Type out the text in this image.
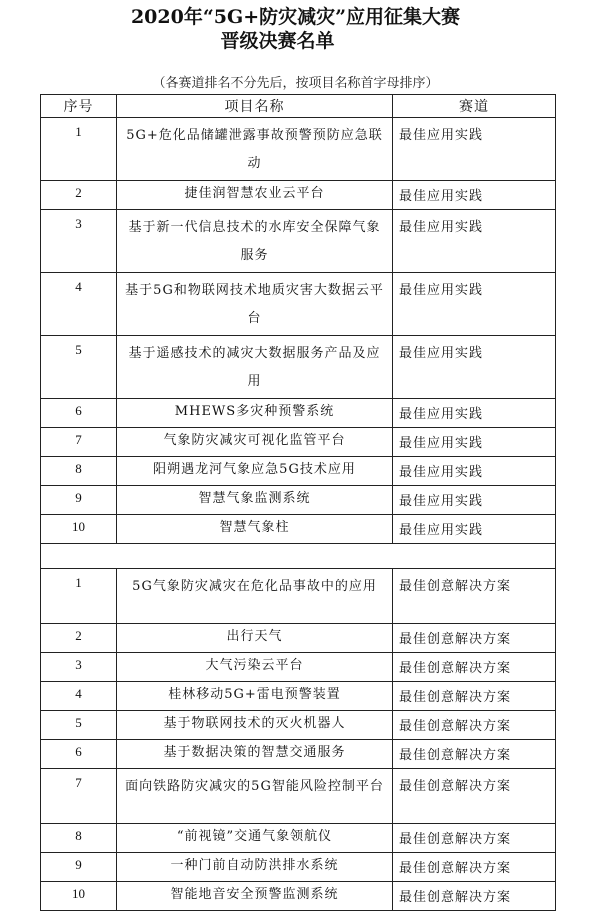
2020年“5G+防灾减灾”应用征集大赛
晋级决赛名单
（各赛道排名不分先后，按项目名称首字母排序）
序号	项目名称	赛道
1	5G+危化品储罐泄露事故预警预防应急联动	最佳应用实践
2	捷佳润智慧农业云平台	最佳应用实践
3	基于新一代信息技术的水库安全保障气象服务	最佳应用实践
4	基于5G和物联网技术地质灾害大数据云平台	最佳应用实践
5	基于遥感技术的减灾大数据服务产品及应用	最佳应用实践
6	MHEWS多灾种预警系统	最佳应用实践
7	气象防灾减灾可视化监管平台	最佳应用实践
8	阳朔遇龙河气象应急5G技术应用	最佳应用实践
9	智慧气象监测系统	最佳应用实践
10	智慧气象柱	最佳应用实践

1	5G气象防灾减灾在危化品事故中的应用	最佳创意解决方案
2	出行天气	最佳创意解决方案
3	大气污染云平台	最佳创意解决方案
4	桂林移动5G+雷电预警装置	最佳创意解决方案
5	基于物联网技术的灭火机器人	最佳创意解决方案
6	基于数据决策的智慧交通服务	最佳创意解决方案
7	面向铁路防灾减灾的5G智能风险控制平台	最佳创意解决方案
8	“前视镜”交通气象领航仪	最佳创意解决方案
9	一种门前自动防洪排水系统	最佳创意解决方案
10	智能地音安全预警监测系统	最佳创意解决方案
